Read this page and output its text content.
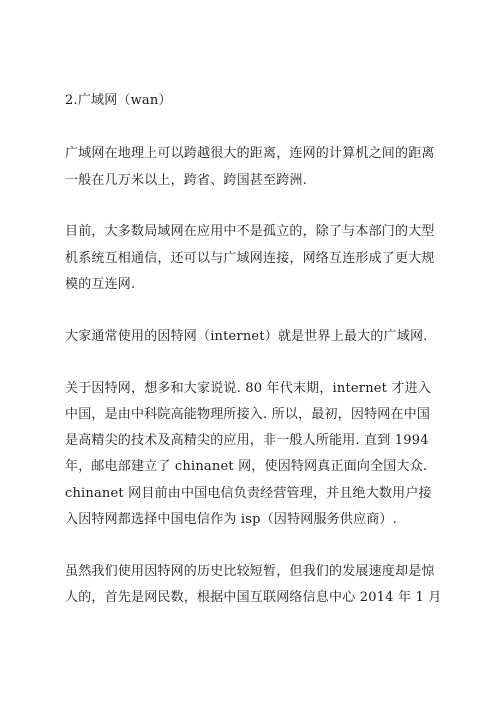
2.广域网（wan）
广域网在地理上可以跨越很大的距离，连网的计算机之间的距离
一般在几万米以上，跨省、跨国甚至跨洲.
目前，大多数局域网在应用中不是孤立的，除了与本部门的大型
机系统互相通信，还可以与广域网连接，网络互连形成了更大规
模的互连网.
大家通常使用的因特网（internet）就是世界上最大的广域网.
关于因特网，想多和大家说说. 80 年代末期，internet 才进入
中国，是由中科院高能物理所接入. 所以，最初，因特网在中国
是高精尖的技术及高精尖的应用，非一般人所能用. 直到 1994
年，邮电部建立了 chinanet 网，使因特网真正面向全国大众.
chinanet 网目前由中国电信负责经营管理，并且绝大数用户接
入因特网都选择中国电信作为 isp（因特网服务供应商）.
虽然我们使用因特网的历史比较短暂，但我们的发展速度却是惊
人的，首先是网民数，根据中国互联网络信息中心 2014 年 1 月
